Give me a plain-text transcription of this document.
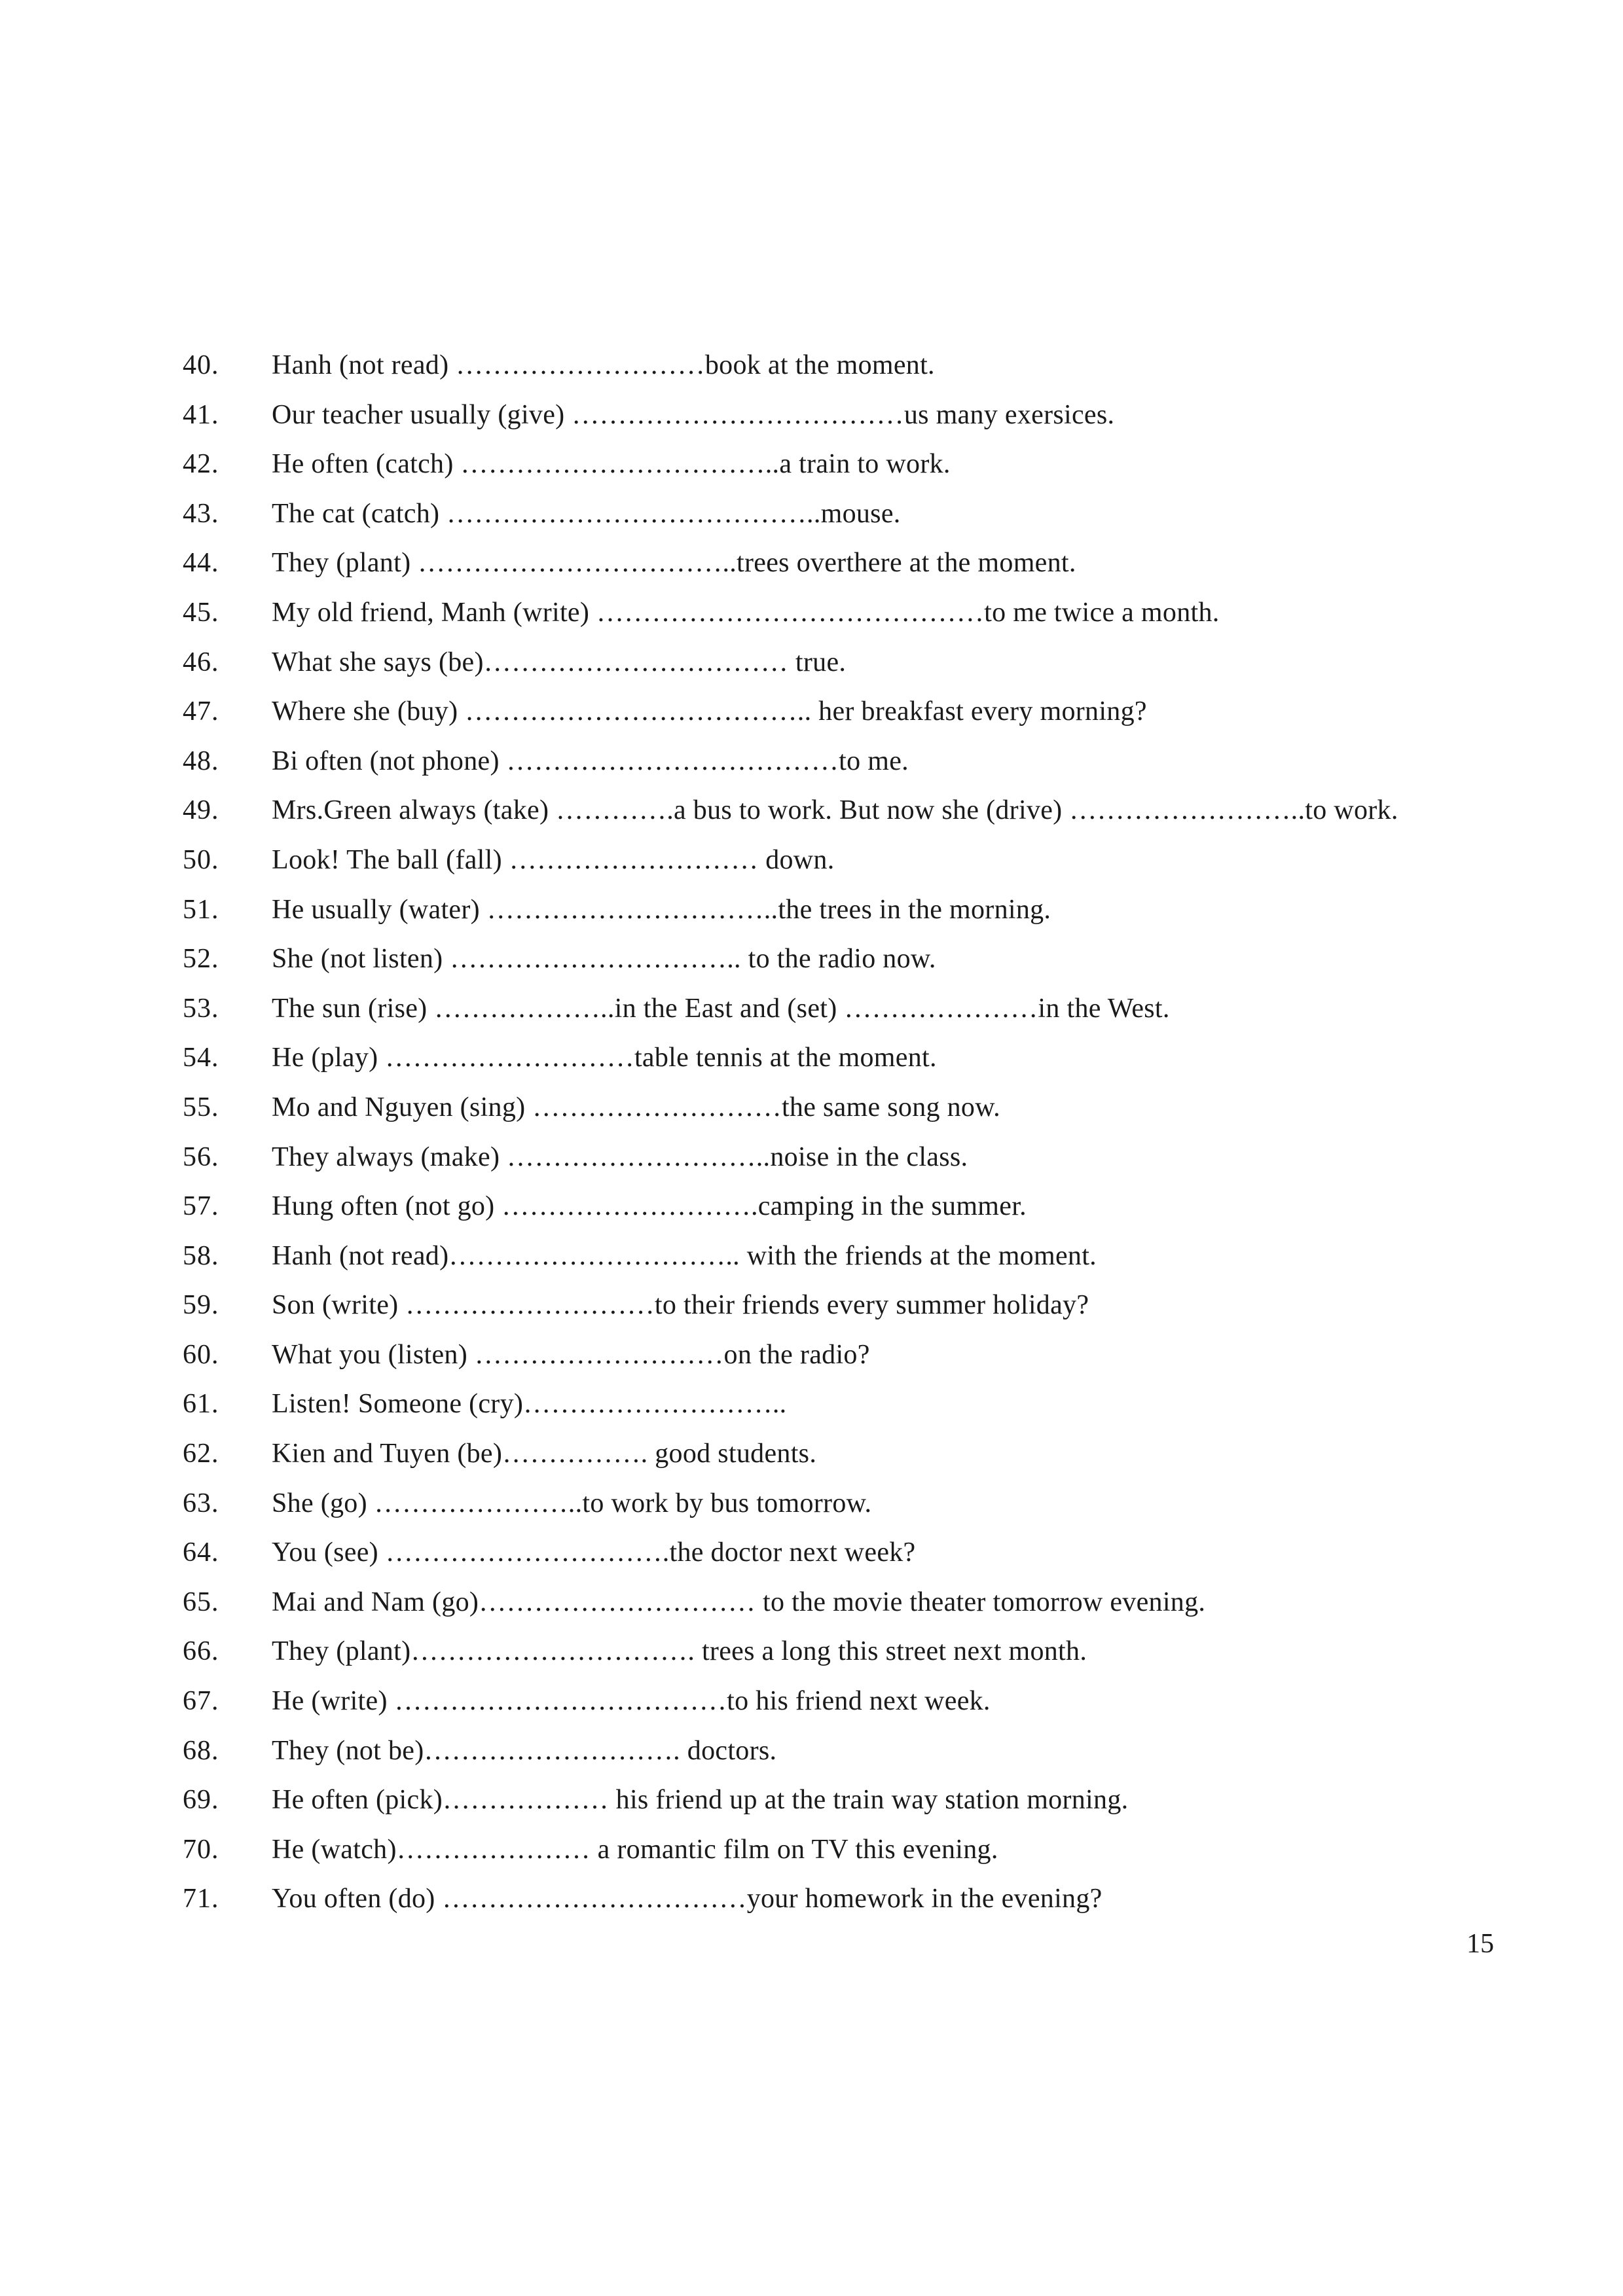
40.	Hanh (not read) ………………………book at the moment.
41.	Our teacher usually (give) ………………………………us many exersices.
42.	He often (catch) ……………………………..a train to work.
43.	The cat (catch) …………………………………..mouse.
44.	They (plant) ……………………………..trees overthere at the moment.
45.	My old friend, Manh (write) ……………………………………to me twice a month.
46.	What she says (be)…………………………… true.
47.	Where she (buy) ……………………………….. her breakfast every morning?
48.	Bi often (not phone) ………………………………to me.
49.	Mrs.Green always (take) ………….a bus to work. But now she (drive) ……………………..to work.
50.	Look! The ball (fall) ……………………… down.
51.	He usually (water) …………………………..the trees in the morning.
52.	She (not listen) ………………………….. to the radio now.
53.	The sun (rise) ………………..in the East and (set) …………………in the West.
54.	He (play) ………………………table tennis at the moment.
55.	Mo and Nguyen (sing) ………………………the same song now.
56.	They always (make) ………………………..noise in the class.
57.	Hung often (not go) ……………………….camping in the summer.
58.	Hanh (not read)………………………….. with the friends at the moment.
59.	Son (write) ………………………to their friends every summer holiday?
60.	What you (listen) ………………………on the radio?
61.	Listen! Someone (cry)………………………..
62.	Kien and Tuyen (be)……………. good students.
63.	She (go) …………………..to work by bus tomorrow.
64.	You (see) ………………………….the doctor next week?
65.	Mai and Nam (go)………………………… to the movie theater tomorrow evening.
66.	They (plant)…………………………. trees a long this street next month.
67.	He (write) ………………………………to his friend next week.
68.	They (not be)………………………. doctors.
69.	He often (pick)……………… his friend up at the train way station morning.
70.	He (watch)………………… a romantic film on TV this evening.
71.	You often (do) ……………………………your homework in the evening?
15
